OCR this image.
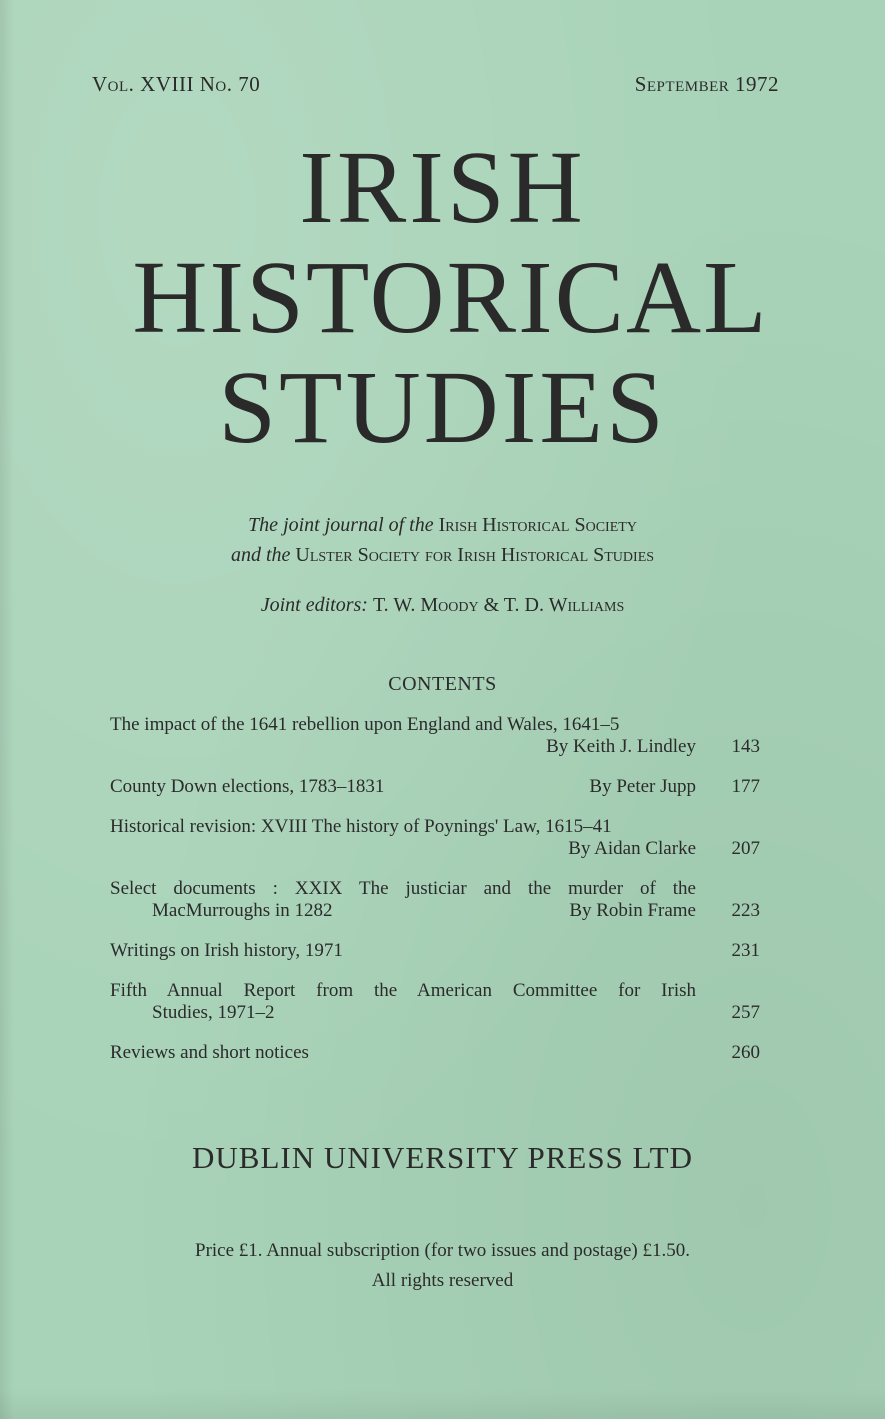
Vol. XVIII No. 70	September 1972
IRISH
HISTORICAL
STUDIES
The joint journal of the Irish Historical Society
and the Ulster Society for Irish Historical Studies
Joint editors: T. W. Moody & T. D. Williams
CONTENTS
The impact of the 1641 rebellion upon England and Wales, 1641–5
By Keith J. Lindley	143
County Down elections, 1783–1831	By Peter Jupp	177
Historical revision: XVIII The history of Poynings' Law, 1615–41
By Aidan Clarke	207
Select documents : XXIX The justiciar and the murder of the
MacMurroughs in 1282	By Robin Frame	223
Writings on Irish history, 1971	231
Fifth Annual Report from the American Committee for Irish
Studies, 1971–2	257
Reviews and short notices	260
DUBLIN UNIVERSITY PRESS LTD
Price £1. Annual subscription (for two issues and postage) £1.50.
All rights reserved
